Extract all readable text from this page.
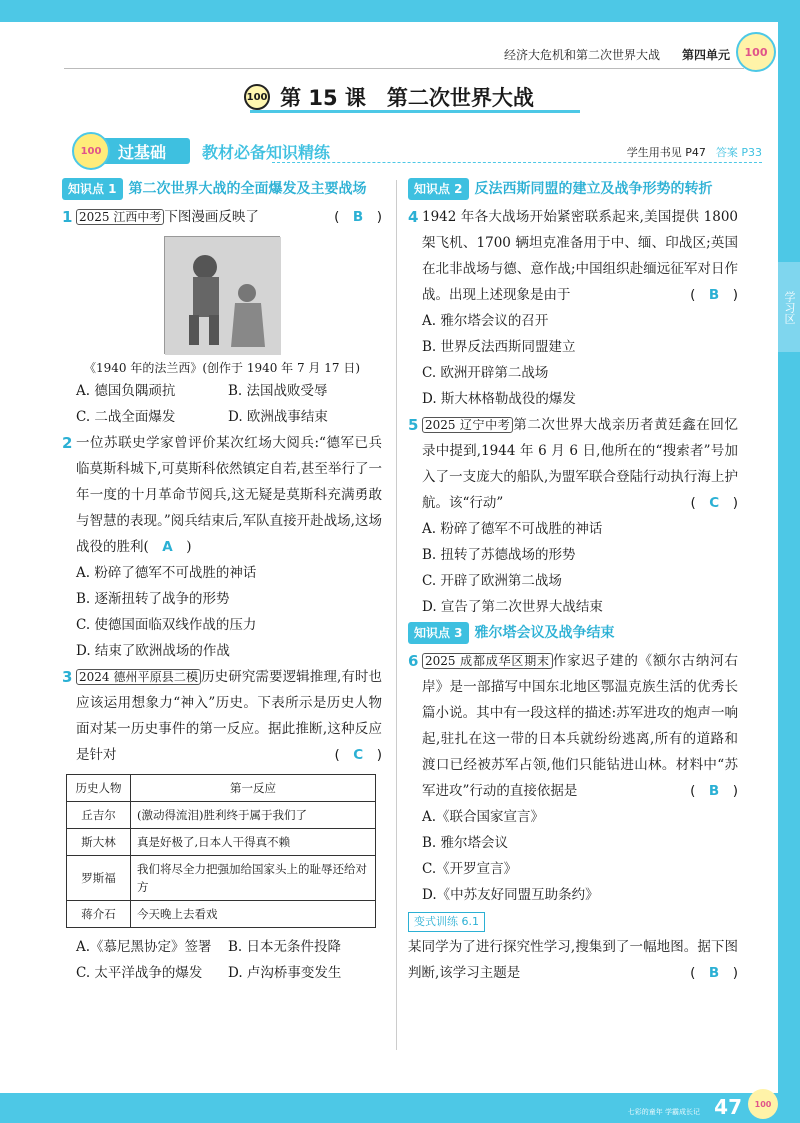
经济大危机和第二次世界大战 第四单元	100
100 第 15 课　第二次世界大战
过基础
100	教材必备知识精练	学生用书见 P47 答案 P33
学习区
知识点 1 第二次世界大战的全面爆发及主要战场
1 2025 江西中考 下图漫画反映了	(　B　)
《1940 年的法兰西》(创作于 1940 年 7 月 17 日)
A. 德国负隅顽抗	B. 法国战败受辱
C. 二战全面爆发	D. 欧洲战事结束
2 一位苏联史学家曾评价某次红场大阅兵:“德军已兵临莫斯科城下,可莫斯科依然镇定自若,甚至举行了一年一度的十月革命节阅兵,这无疑是莫斯科充满勇敢与智慧的表现。”阅兵结束后,军队直接开赴战场,这场战役的胜利(　A　)
A. 粉碎了德军不可战胜的神话
B. 逐渐扭转了战争的形势
C. 使德国面临双线作战的压力
D. 结束了欧洲战场的作战
3 2024 德州平原县二模 历史研究需要逻辑推理,有时也应该运用想象力“神入”历史。下表所示是历史人物面对某一历史事件的第一反应。据此推断,这种反应是针对	(　C　)
历史人物	第一反应
丘吉尔	(激动得流泪)胜利终于属于我们了
斯大林	真是好极了,日本人干得真不赖
罗斯福	我们将尽全力把强加给国家头上的耻辱还给对方
蒋介石	今天晚上去看戏
A.《慕尼黑协定》签署	B. 日本无条件投降
C. 太平洋战争的爆发	D. 卢沟桥事变发生
知识点 2 反法西斯同盟的建立及战争形势的转折
4 1942 年各大战场开始紧密联系起来,美国提供 1800 架飞机、1700 辆坦克准备用于中、缅、印战区;英国在北非战场与德、意作战;中国组织赴缅远征军对日作战。出现上述现象是由于	(　B　)
A. 雅尔塔会议的召开
B. 世界反法西斯同盟建立
C. 欧洲开辟第二战场
D. 斯大林格勒战役的爆发
5 2025 辽宁中考 第二次世界大战亲历者黄廷鑫在回忆录中提到,1944 年 6 月 6 日,他所在的“搜索者”号加入了一支庞大的船队,为盟军联合登陆行动执行海上护航。该“行动”	(　C　)
A. 粉碎了德军不可战胜的神话
B. 扭转了苏德战场的形势
C. 开辟了欧洲第二战场
D. 宣告了第二次世界大战结束
知识点 3 雅尔塔会议及战争结束
6 2025 成都成华区期末 作家迟子建的《额尔古纳河右岸》是一部描写中国东北地区鄂温克族生活的优秀长篇小说。其中有一段这样的描述:苏军进攻的炮声一响起,驻扎在这一带的日本兵就纷纷逃离,所有的道路和渡口已经被苏军占领,他们只能钻进山林。材料中“苏军进攻”行动的直接依据是	(　B　)
A.《联合国家宣言》
B. 雅尔塔会议
C.《开罗宣言》
D.《中苏友好同盟互助条约》
变式训练 6.1
某同学为了进行探究性学习,搜集到了一幅地图。据下图判断,该学习主题是	(　B　)
七彩的童年 学霸成长记 47	100
